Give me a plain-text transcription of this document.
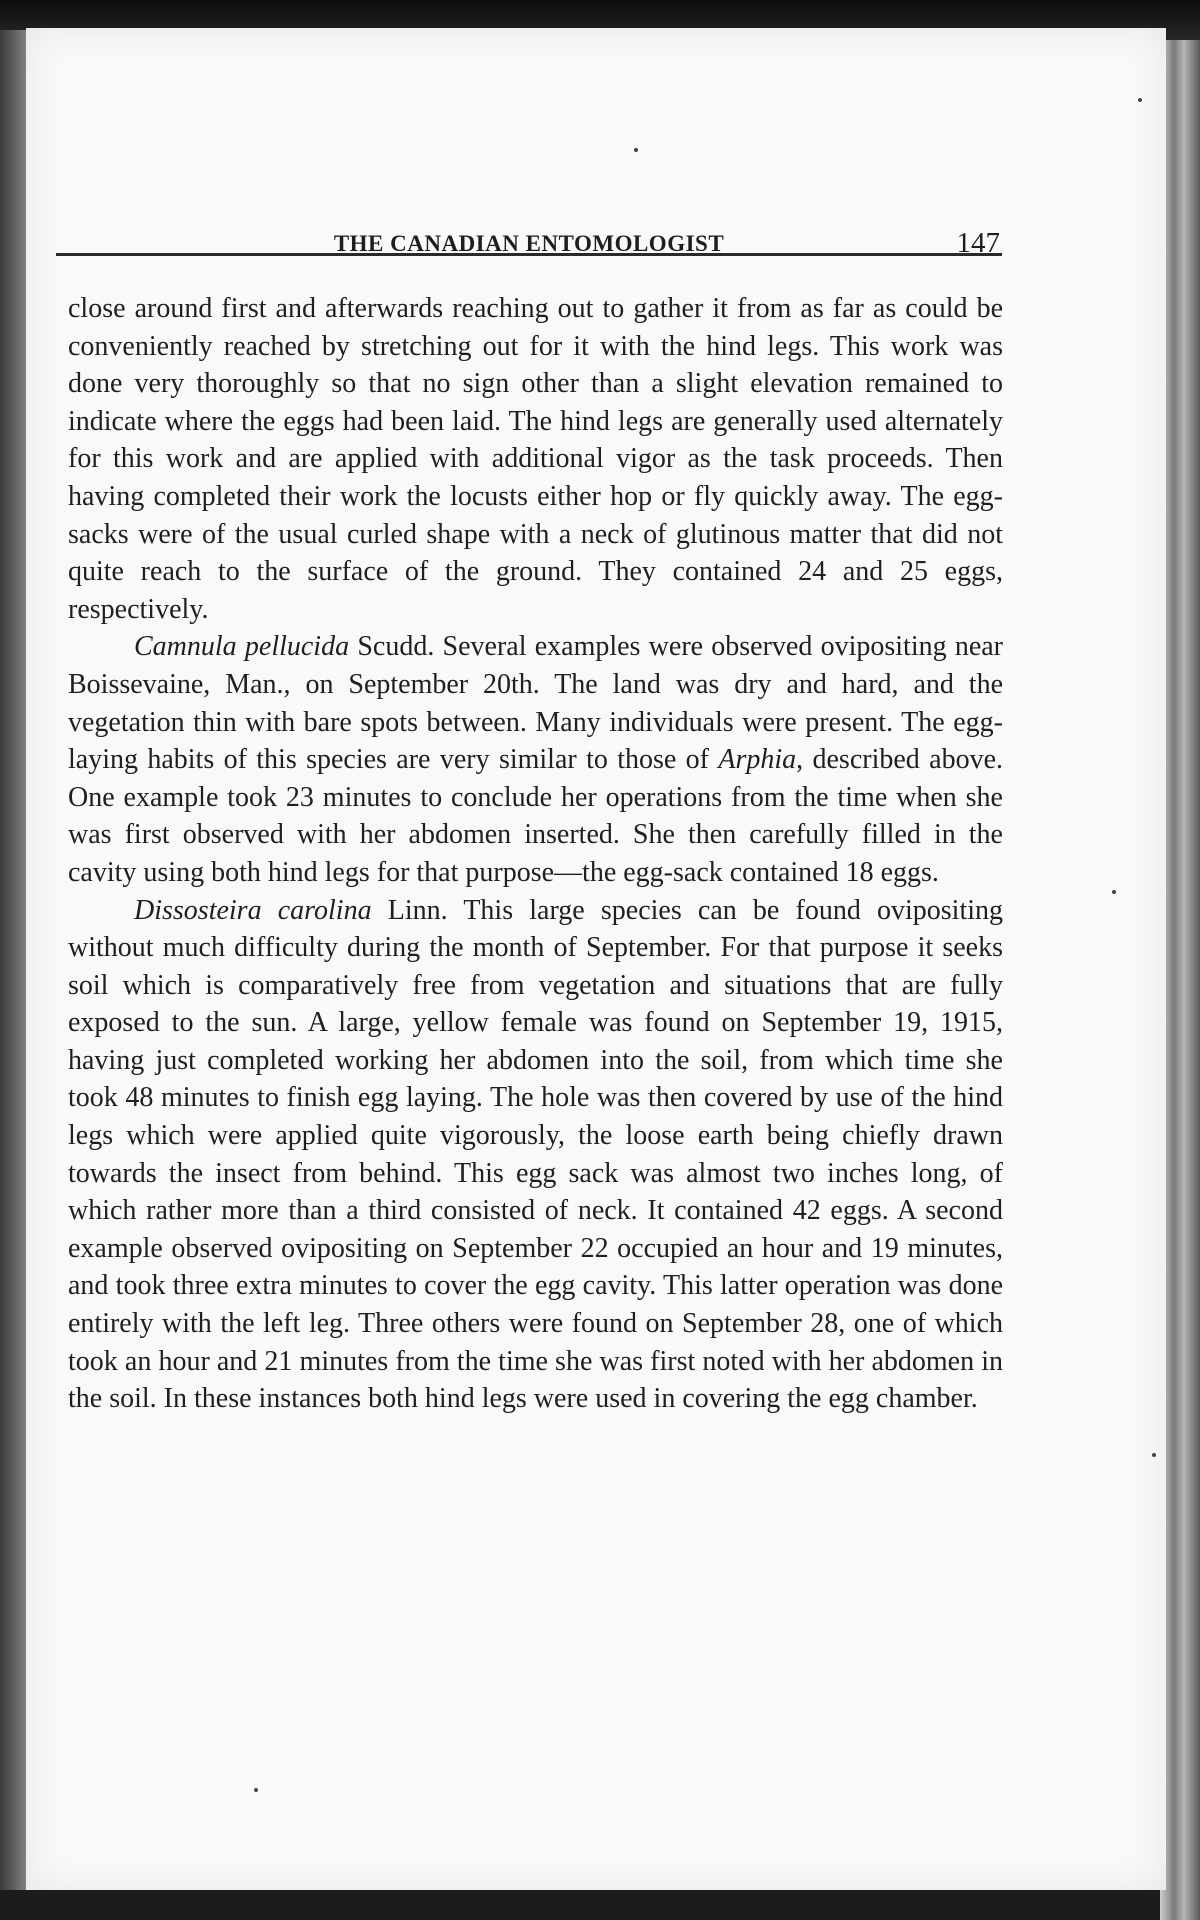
THE CANADIAN ENTOMOLOGIST	147

close around first and afterwards reaching out to gather it from as far as could be conveniently reached by stretching out for it with the hind legs. This work was done very thoroughly so that no sign other than a slight elevation remained to indicate where the eggs had been laid. The hind legs are generally used alternately for this work and are applied with additional vigor as the task proceeds. Then having completed their work the locusts either hop or fly quickly away. The egg-sacks were of the usual curled shape with a neck of glutinous matter that did not quite reach to the surface of the ground. They contained 24 and 25 eggs, respectively.

Camnula pellucida Scudd. Several examples were observed ovipositing near Boissevaine, Man., on September 20th. The land was dry and hard, and the vegetation thin with bare spots between. Many individuals were present. The egg-laying habits of this species are very similar to those of Arphia, described above. One example took 23 minutes to conclude her operations from the time when she was first observed with her abdomen inserted. She then carefully filled in the cavity using both hind legs for that purpose—the egg-sack contained 18 eggs.

Dissosteira carolina Linn. This large species can be found ovipositing without much difficulty during the month of September. For that purpose it seeks soil which is comparatively free from vegetation and situations that are fully exposed to the sun. A large, yellow female was found on September 19, 1915, having just completed working her abdomen into the soil, from which time she took 48 minutes to finish egg laying. The hole was then covered by use of the hind legs which were applied quite vigorously, the loose earth being chiefly drawn towards the insect from behind. This egg sack was almost two inches long, of which rather more than a third consisted of neck. It contained 42 eggs. A second example observed ovipositing on September 22 occupied an hour and 19 minutes, and took three extra minutes to cover the egg cavity. This latter operation was done entirely with the left leg. Three others were found on September 28, one of which took an hour and 21 minutes from the time she was first noted with her abdomen in the soil. In these instances both hind legs were used in covering the egg chamber.
